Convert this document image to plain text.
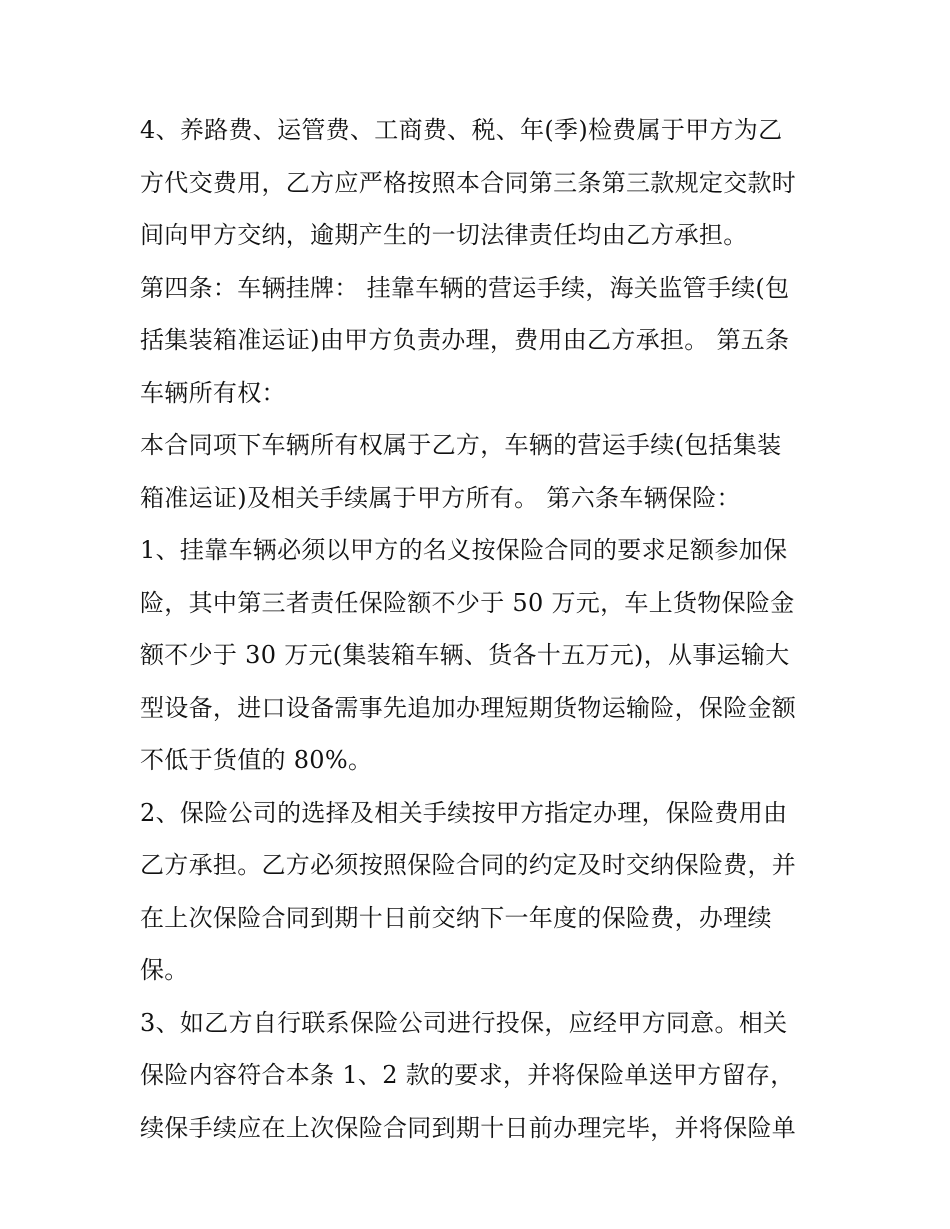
4、养路费、运管费、工商费、税、年(季)检费属于甲方为乙
方代交费用，乙方应严格按照本合同第三条第三款规定交款时
间向甲方交纳，逾期产生的一切法律责任均由乙方承担。
第四条：车辆挂牌： 挂靠车辆的营运手续，海关监管手续(包
括集装箱准运证)由甲方负责办理，费用由乙方承担。 第五条
车辆所有权：
本合同项下车辆所有权属于乙方，车辆的营运手续(包括集装
箱准运证)及相关手续属于甲方所有。 第六条车辆保险：
1、挂靠车辆必须以甲方的名义按保险合同的要求足额参加保
险，其中第三者责任保险额不少于 50 万元，车上货物保险金
额不少于 30 万元(集装箱车辆、货各十五万元)，从事运输大
型设备，进口设备需事先追加办理短期货物运输险，保险金额
不低于货值的 80%。
2、保险公司的选择及相关手续按甲方指定办理，保险费用由
乙方承担。乙方必须按照保险合同的约定及时交纳保险费，并
在上次保险合同到期十日前交纳下一年度的保险费，办理续
保。
3、如乙方自行联系保险公司进行投保，应经甲方同意。相关
保险内容符合本条 1、2 款的要求，并将保险单送甲方留存，
续保手续应在上次保险合同到期十日前办理完毕，并将保险单
